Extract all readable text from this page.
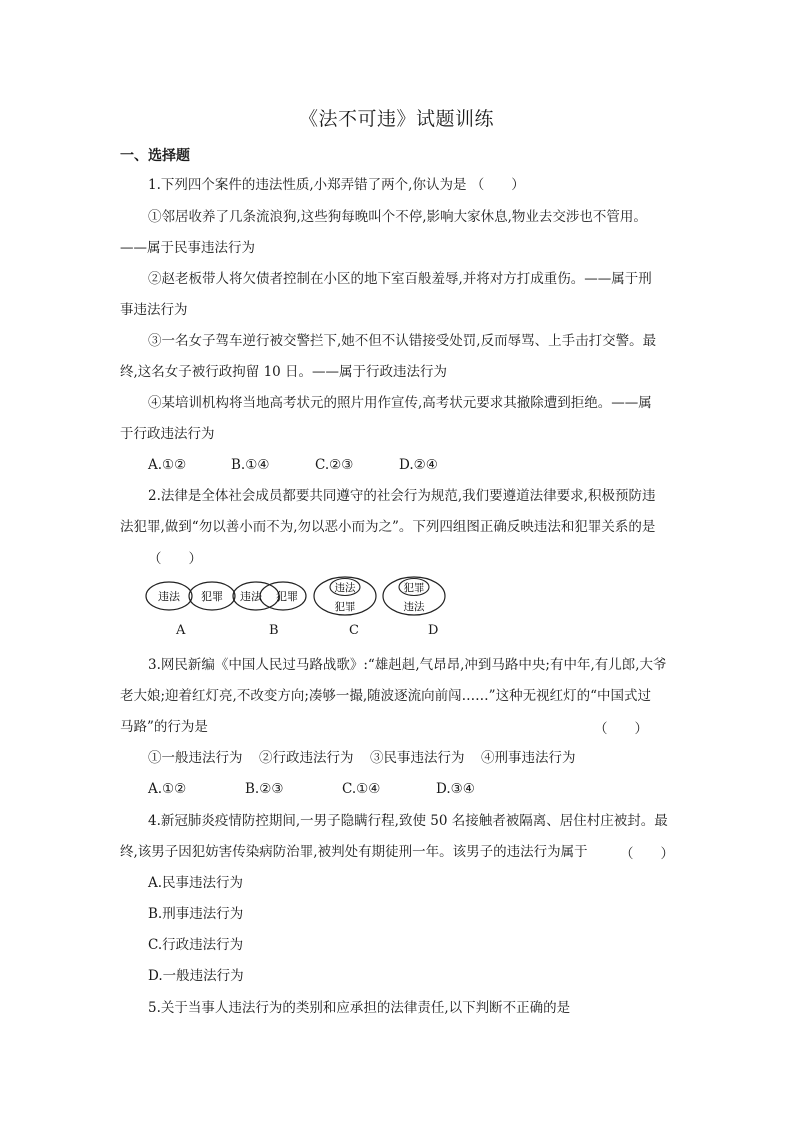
《法不可违》试题训练
一、选择题
1.下列四个案件的违法性质,小郑弄错了两个,你认为是 （　　）
①邻居收养了几条流浪狗,这些狗每晚叫个不停,影响大家休息,物业去交涉也不管用。
——属于民事违法行为
②赵老板带人将欠债者控制在小区的地下室百般羞辱,并将对方打成重伤。——属于刑
事违法行为
③一名女子驾车逆行被交警拦下,她不但不认错接受处罚,反而辱骂、上手击打交警。最
终,这名女子被行政拘留 10 日。——属于行政违法行为
④某培训机构将当地高考状元的照片用作宣传,高考状元要求其撤除遭到拒绝。——属
于行政违法行为
A.①②	B.①④	C.②③	D.②④
2.法律是全体社会成员都要共同遵守的社会行为规范,我们要遵道法律要求,积极预防违
法犯罪,做到“勿以善小而不为,勿以恶小而为之”。下列四组图正确反映违法和犯罪关系的是
（　　）
违法 犯罪 违法 犯罪
违法
犯罪
犯罪
违法
A	B	C	D
3.网民新编《中国人民过马路战歌》:“雄赳赳,气昂昂,冲到马路中央;有中年,有儿郎,大爷
老大娘;迎着红灯亮,不改变方向;凑够一撮,随波逐流向前闯……”这种无视红灯的“中国式过
马路”的行为是	（　　）
①一般违法行为 ②行政违法行为 ③民事违法行为 ④刑事违法行为
A.①②	B.②③	C.①④	D.③④
4.新冠肺炎疫情防控期间,一男子隐瞒行程,致使 50 名接触者被隔离、居住村庄被封。最
终,该男子因犯妨害传染病防治罪,被判处有期徒刑一年。该男子的违法行为属于 （　　）
A.民事违法行为
B.刑事违法行为
C.行政违法行为
D.一般违法行为
5.关于当事人违法行为的类别和应承担的法律责任,以下判断不正确的是
